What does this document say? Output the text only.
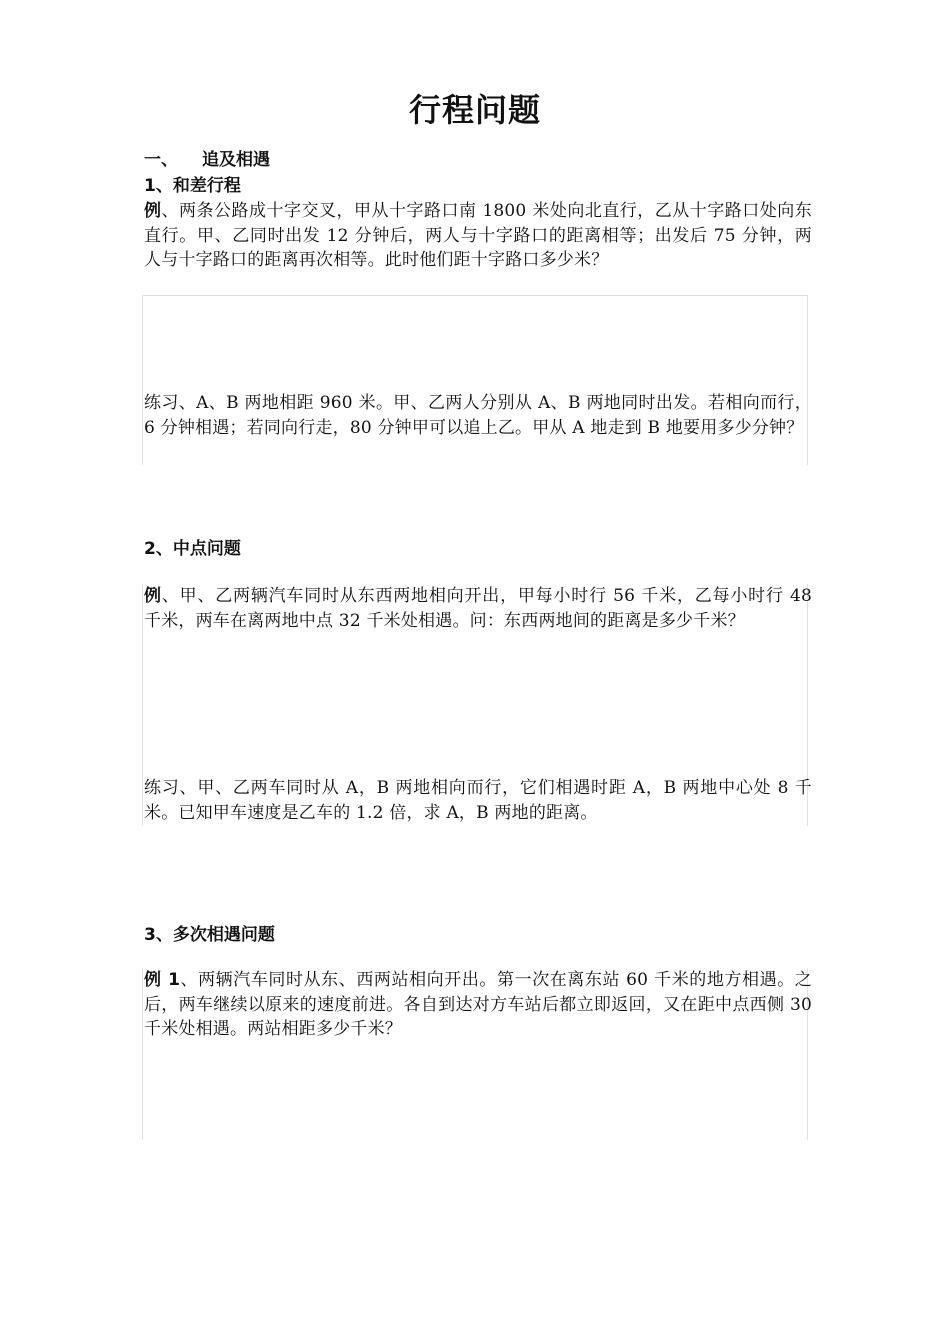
行程问题
一、 追及相遇
1、和差行程
例、两条公路成十字交叉，甲从十字路口南 1800 米处向北直行，乙从十字路口处向东直行。甲、乙同时出发 12 分钟后，两人与十字路口的距离相等；出发后 75 分钟，两人与十字路口的距离再次相等。此时他们距十字路口多少米？
练习、A、B 两地相距 960 米。甲、乙两人分别从 A、B 两地同时出发。若相向而行，6 分钟相遇；若同向行走，80 分钟甲可以追上乙。甲从 A 地走到 B 地要用多少分钟？
2、中点问题
例、甲、乙两辆汽车同时从东西两地相向开出，甲每小时行 56 千米，乙每小时行 48 千米，两车在离两地中点 32 千米处相遇。问：东西两地间的距离是多少千米？
练习、甲、乙两车同时从 A，B 两地相向而行，它们相遇时距 A，B 两地中心处 8 千米。已知甲车速度是乙车的 1.2 倍，求 A，B 两地的距离。
3、多次相遇问题
例 1、两辆汽车同时从东、西两站相向开出。第一次在离东站 60 千米的地方相遇。之后，两车继续以原来的速度前进。各自到达对方车站后都立即返回，又在距中点西侧 30 千米处相遇。两站相距多少千米？
